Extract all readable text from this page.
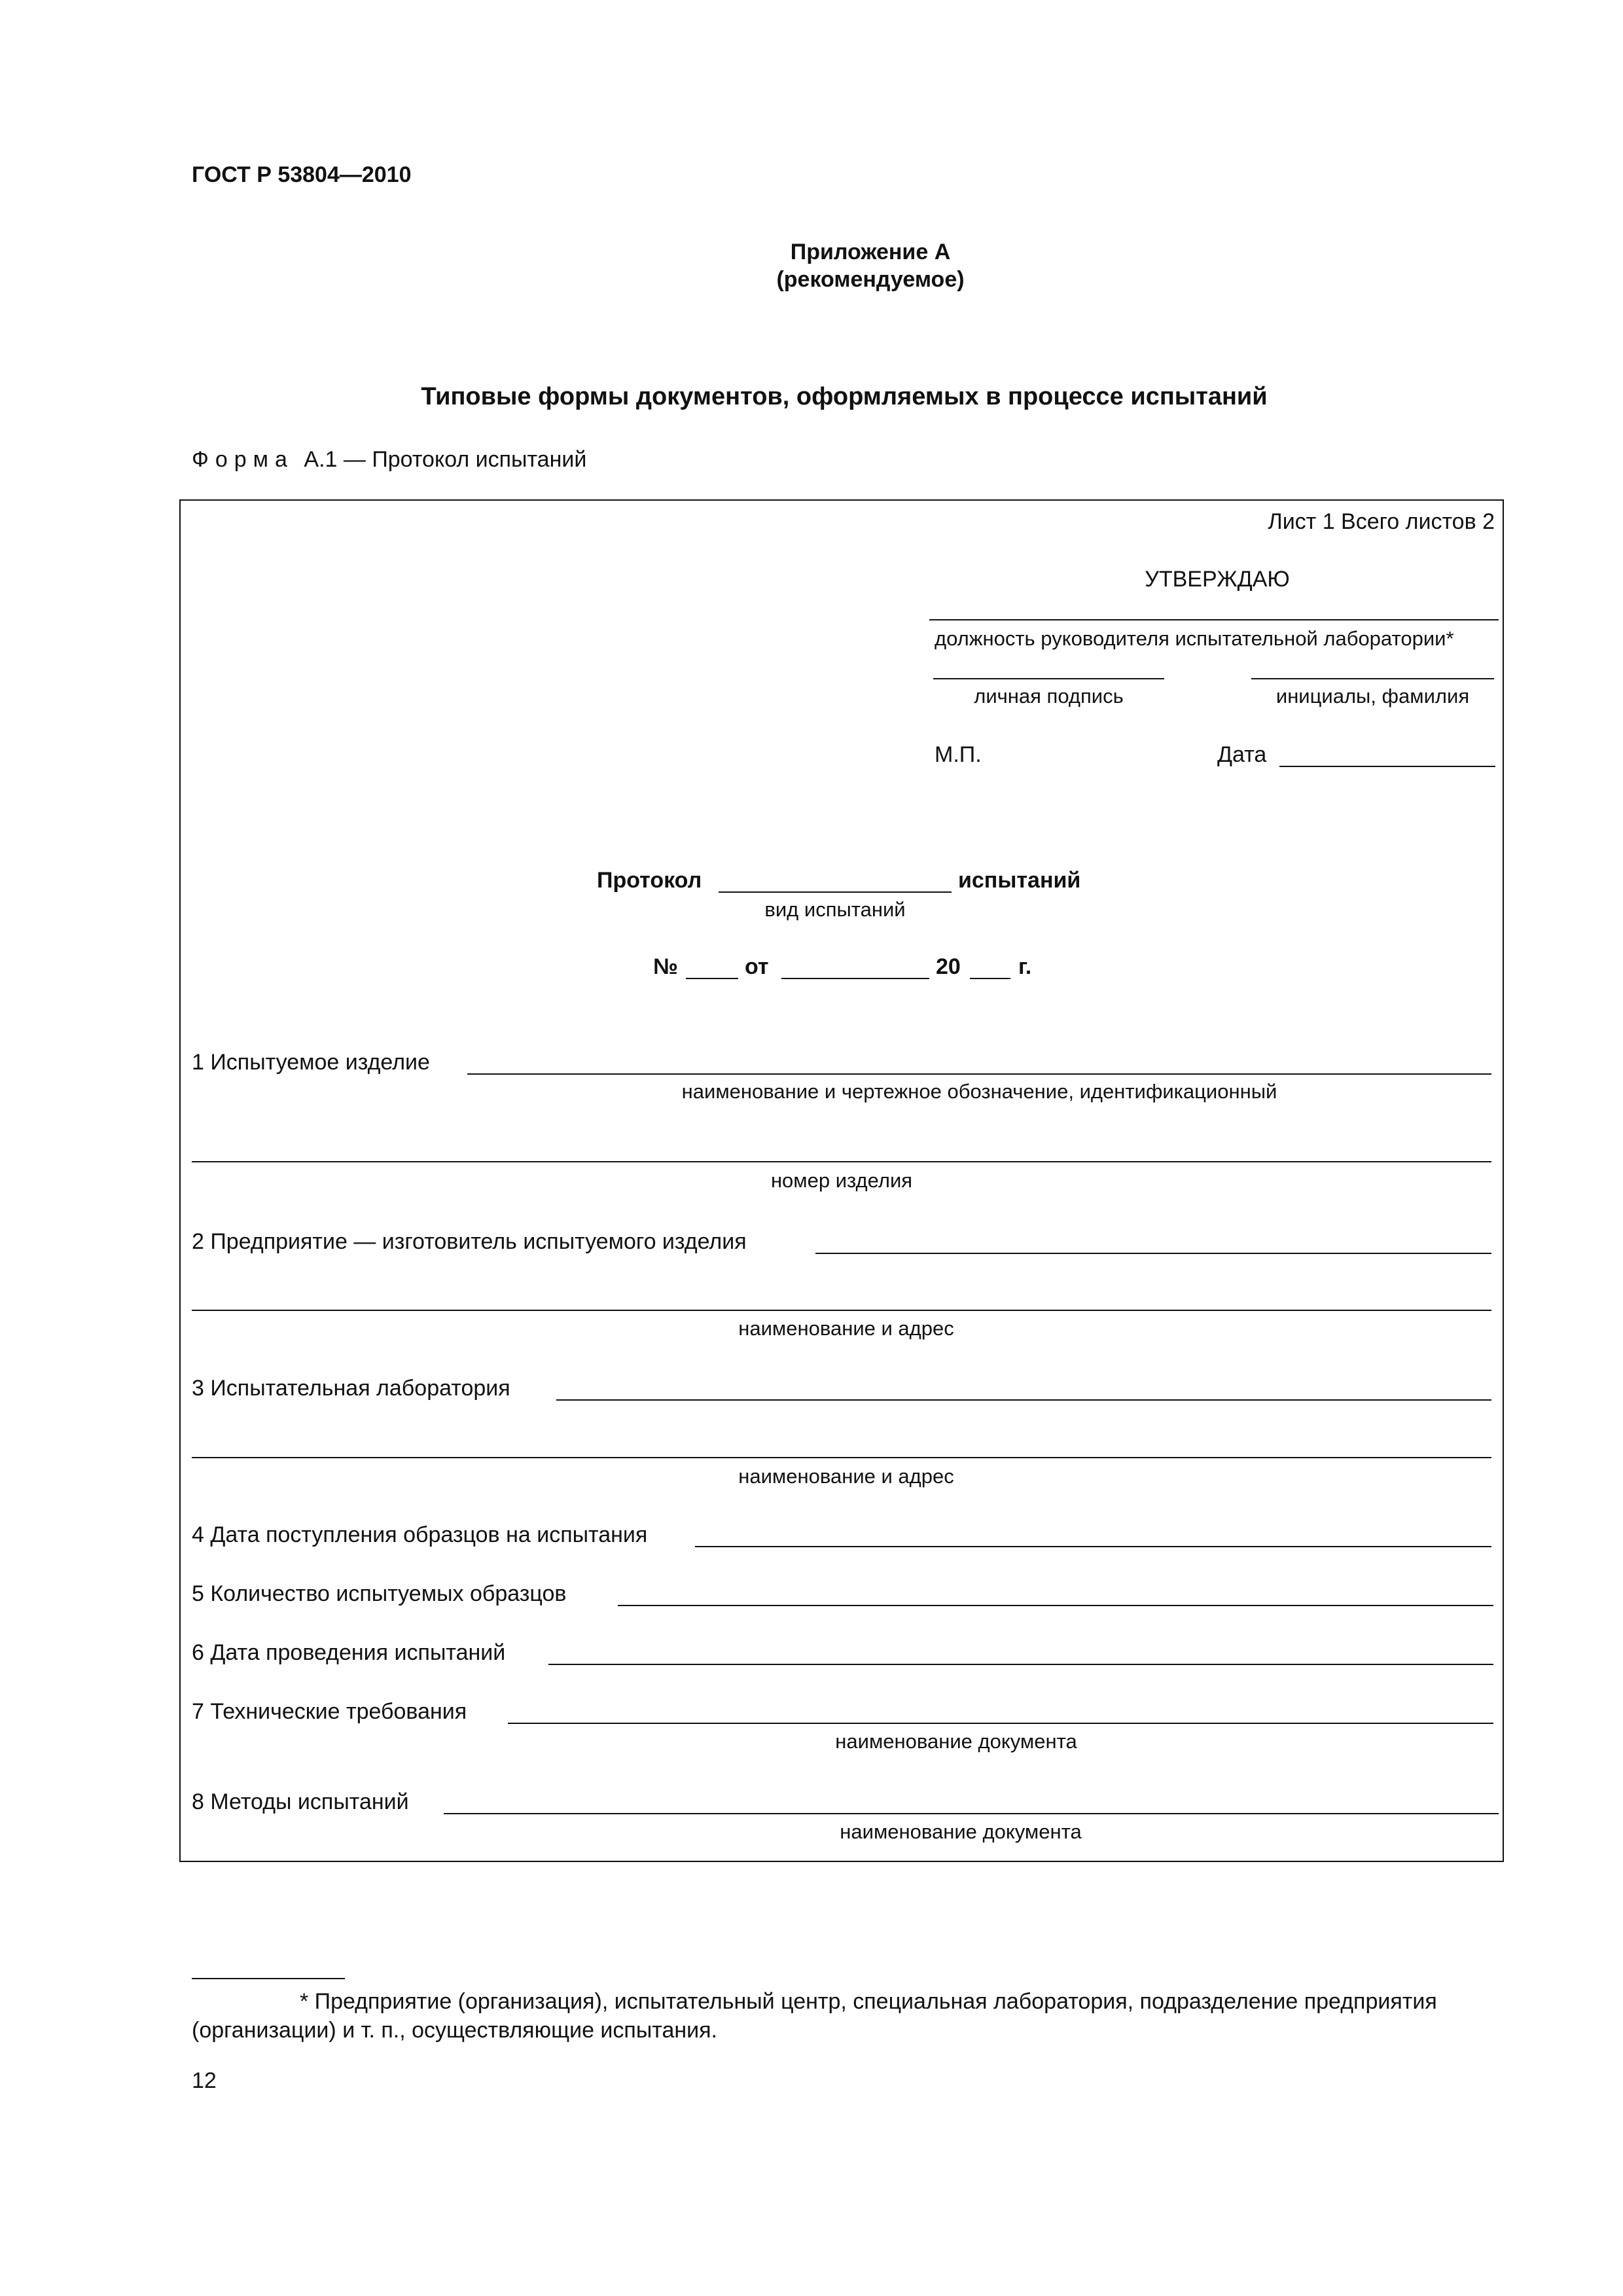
ГОСТ Р 53804—2010
Приложение А
(рекомендуемое)
Типовые формы документов, оформляемых в процессе испытаний
Форма А.1 — Протокол испытаний
Лист 1 Всего листов 2
УТВЕРЖДАЮ
должность руководителя испытательной лаборатории*
личная подпись	инициалы, фамилия
М.П.	Дата
Протокол	испытаний
вид испытаний
№	от	20	г.
1 Испытуемое изделие
наименование и чертежное обозначение, идентификационный
номер изделия
2 Предприятие — изготовитель испытуемого изделия
наименование и адрес
3 Испытательная лаборатория
наименование и адрес
4 Дата поступления образцов на испытания
5 Количество испытуемых образцов
6 Дата проведения испытаний
7 Технические требования
наименование документа
8 Методы испытаний
наименование документа
* Предприятие (организация), испытательный центр, специальная лаборатория, подразделение предприятия (организации) и т. п., осуществляющие испытания.
12
